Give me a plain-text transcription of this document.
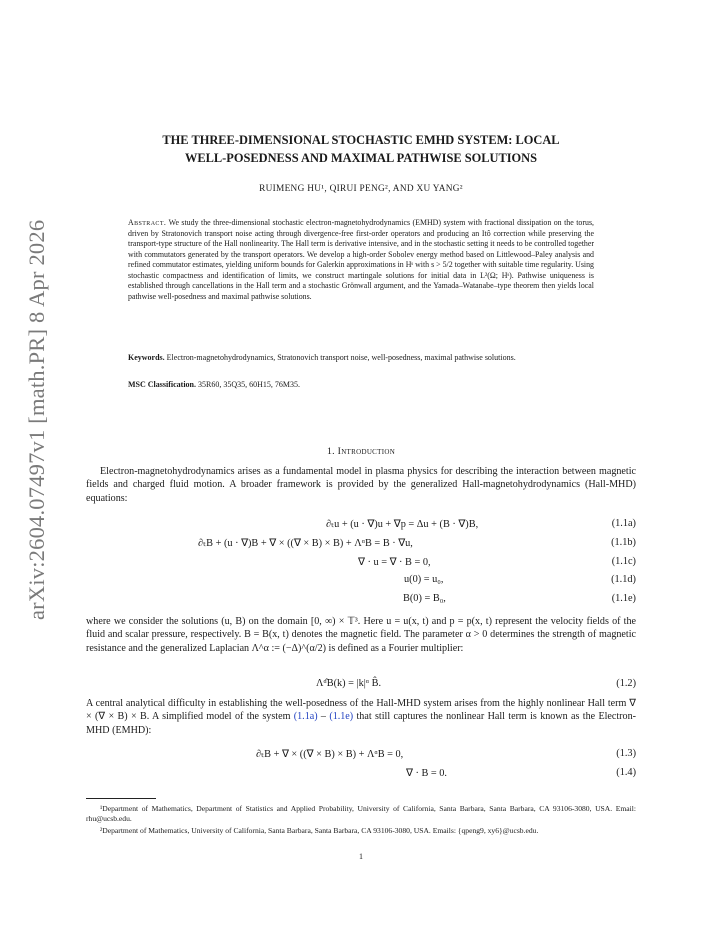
arXiv:2604.07497v1 [math.PR] 8 Apr 2026
THE THREE-DIMENSIONAL STOCHASTIC EMHD SYSTEM: LOCAL
WELL-POSEDNESS AND MAXIMAL PATHWISE SOLUTIONS
RUIMENG HU¹, QIRUI PENG², AND XU YANG²
Abstract. We study the three-dimensional stochastic electron-magnetohydrodynamics (EMHD) system with fractional dissipation on the torus, driven by Stratonovich transport noise acting through divergence-free first-order operators and producing an Itô correction while preserving the transport-type structure of the Hall nonlinearity. The Hall term is derivative intensive, and in the stochastic setting it needs to be controlled together with commutators generated by the transport operators. We develop a high-order Sobolev energy method based on Littlewood–Paley analysis and refined commutator estimates, yielding uniform bounds for Galerkin approximations in Hˢ with s > 5/2 together with suitable time regularity. Using stochastic compactness and identification of limits, we construct martingale solutions for initial data in L²(Ω; Hˢ). Pathwise uniqueness is established through cancellations in the Hall term and a stochastic Grönwall argument, and the Yamada–Watanabe–type theorem then yields local pathwise well-posedness and maximal pathwise solutions.
Keywords. Electron-magnetohydrodynamics, Stratonovich transport noise, well-posedness, maximal pathwise solutions.
MSC Classification. 35R60, 35Q35, 60H15, 76M35.
1. Introduction
Electron-magnetohydrodynamics arises as a fundamental model in plasma physics for describing the interaction between magnetic fields and charged fluid motion. A broader framework is provided by the generalized Hall-magnetohydrodynamics (Hall-MHD) equations:
∂ₜu + (u · ∇)u + ∇p = Δu + (B · ∇)B,	(1.1a)
∂ₜB + (u · ∇)B + ∇ × ((∇ × B) × B) + ΛᵅB = B · ∇u,	(1.1b)
∇ · u = ∇ · B = 0,	(1.1c)
u(0) = u₀,	(1.1d)
B(0) = B₀,	(1.1e)
where we consider the solutions (u, B) on the domain [0, ∞) × 𝕋³. Here u = u(x, t) and p = p(x, t) represent the velocity fields of the fluid and scalar pressure, respectively. B = B(x, t) denotes the magnetic field. The parameter α > 0 determines the strength of magnetic resistance and the generalized Laplacian Λ^α := (−Δ)^(α/2) is defined as a Fourier multiplier:
Λᵅ̂B(k) = |k|ᵅ B̂.	(1.2)
A central analytical difficulty in establishing the well-posedness of the Hall-MHD system arises from the highly nonlinear Hall term ∇ × (∇ × B) × B. A simplified model of the system (1.1a) – (1.1e) that still captures the nonlinear Hall term is known as the Electron-MHD (EMHD):
∂ₜB + ∇ × ((∇ × B) × B) + ΛᵅB = 0,	(1.3)
∇ · B = 0.	(1.4)
¹Department of Mathematics, Department of Statistics and Applied Probability, University of California, Santa Barbara, Santa Barbara, CA 93106-3080, USA. Email: rhu@ucsb.edu.
²Department of Mathematics, University of California, Santa Barbara, Santa Barbara, CA 93106-3080, USA. Emails: {qpeng9, xy6}@ucsb.edu.
1
